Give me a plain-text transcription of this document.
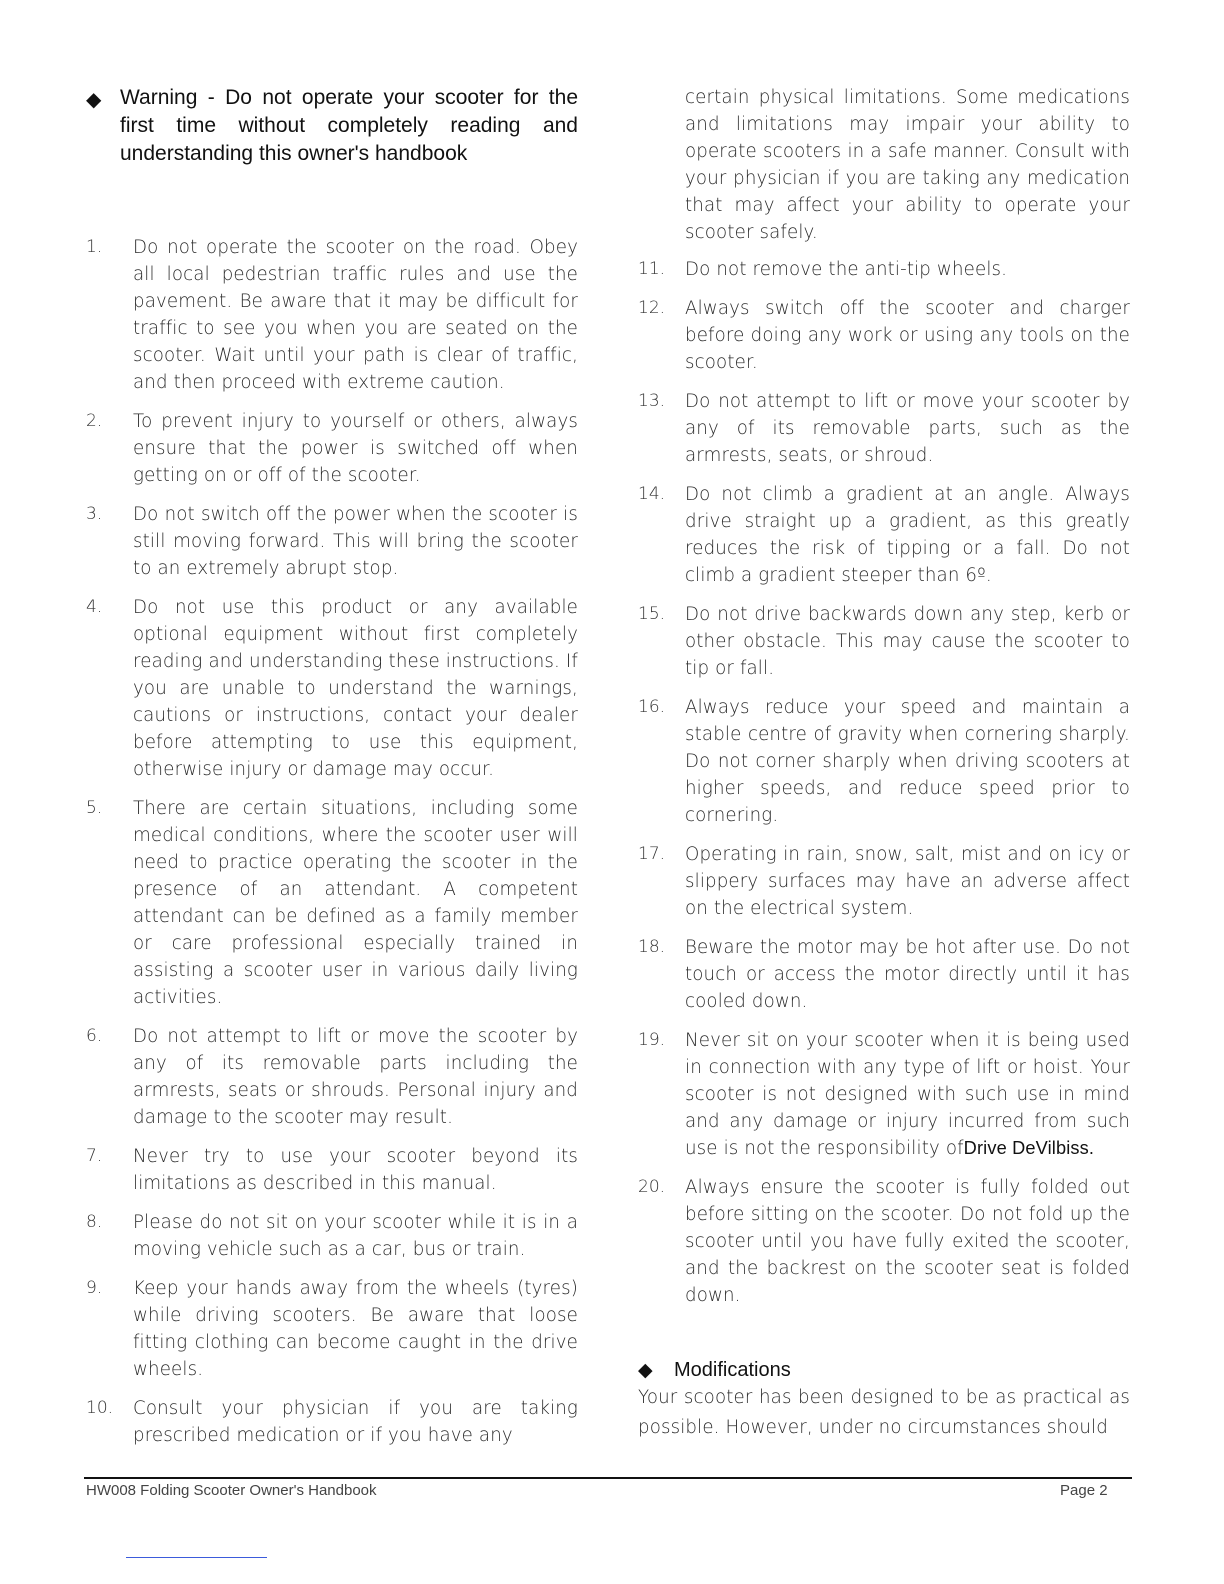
◆ Warning - Do not operate your scooter for the first time without completely reading and understanding this owner's handbook
1.	Do not operate the scooter on the road. Obey all local pedestrian traffic rules and use the pavement. Be aware that it may be difficult for traffic to see you when you are seated on the scooter. Wait until your path is clear of traffic, and then proceed with extreme caution.
2.	To prevent injury to yourself or others, always ensure that the power is switched off when getting on or off of the scooter.
3.	Do not switch off the power when the scooter is still moving forward. This will bring the scooter to an extremely abrupt stop.
4.	Do not use this product or any available optional equipment without first completely reading and understanding these instructions. If you are unable to understand the warnings, cautions or instructions, contact your dealer before attempting to use this equipment, otherwise injury or damage may occur.
5.	There are certain situations, including some medical conditions, where the scooter user will need to practice operating the scooter in the presence of an attendant. A competent attendant can be defined as a family member or care professional especially trained in assisting a scooter user in various daily living activities.
6.	Do not attempt to lift or move the scooter by any of its removable parts including the armrests, seats or shrouds. Personal injury and damage to the scooter may result.
7.	Never try to use your scooter beyond its limitations as described in this manual.
8.	Please do not sit on your scooter while it is in a moving vehicle such as a car, bus or train.
9.	Keep your hands away from the wheels (tyres) while driving scooters. Be aware that loose fitting clothing can become caught in the drive wheels.
10.	Consult your physician if you are taking prescribed medication or if you have any
certain physical limitations. Some medications and limitations may impair your ability to operate scooters in a safe manner. Consult with your physician if you are taking any medication that may affect your ability to operate your scooter safely.
11.	Do not remove the anti-tip wheels.
12.	Always switch off the scooter and charger before doing any work or using any tools on the scooter.
13.	Do not attempt to lift or move your scooter by any of its removable parts, such as the armrests, seats, or shroud.
14.	Do not climb a gradient at an angle. Always drive straight up a gradient, as this greatly reduces the risk of tipping or a fall. Do not climb a gradient steeper than 6º.
15.	Do not drive backwards down any step, kerb or other obstacle. This may cause the scooter to tip or fall.
16.	Always reduce your speed and maintain a stable centre of gravity when cornering sharply. Do not corner sharply when driving scooters at higher speeds, and reduce speed prior to cornering.
17.	Operating in rain, snow, salt, mist and on icy or slippery surfaces may have an adverse affect on the electrical system.
18.	Beware the motor may be hot after use. Do not touch or access the motor directly until it has cooled down.
19.	Never sit on your scooter when it is being used in connection with any type of lift or hoist. Your scooter is not designed with such use in mind and any damage or injury incurred from such use is not the responsibility ofDrive DeVilbiss.
20.	Always ensure the scooter is fully folded out before sitting on the scooter. Do not fold up the scooter until you have fully exited the scooter, and the backrest on the scooter seat is folded down.
◆	Modifications
Your scooter has been designed to be as practical as possible. However, under no circumstances should
HW008 Folding Scooter Owner's Handbook	Page 2
